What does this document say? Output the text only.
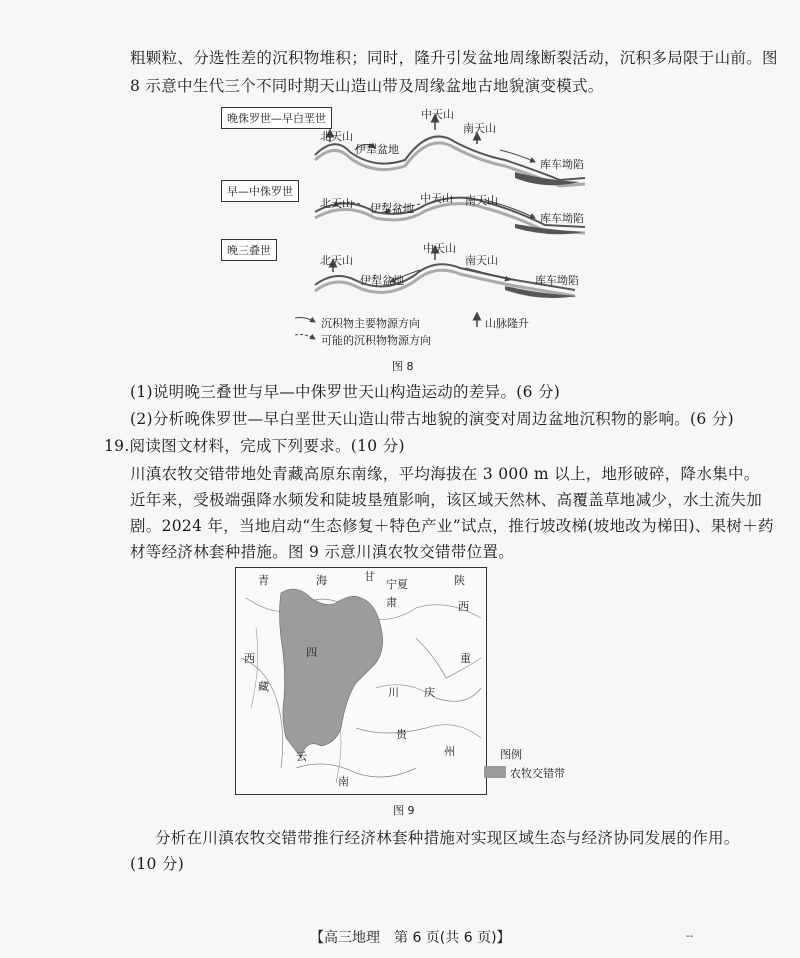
粗颗粒、分选性差的沉积物堆积；同时，隆升引发盆地周缘断裂活动，沉积多局限于山前。图
8 示意中生代三个不同时期天山造山带及周缘盆地古地貌演变模式。
晚侏罗世—早白垩世
早—中侏罗世
晚三叠世
北天山
伊犁盆地
中天山
南天山
库车坳陷
北天山 伊犁盆地
中天山 南天山
库车坳陷
北天山
伊犁盆地
中天山
南天山
库车坳陷
沉积物主要物源方向
可能的沉积物物源方向
山脉隆升
图 8
(1)说明晚三叠世与早—中侏罗世天山构造运动的差异。(6 分)
(2)分析晚侏罗世—早白垩世天山造山带古地貌的演变对周边盆地沉积物的影响。(6 分)
19.阅读图文材料，完成下列要求。(10 分)
川滇农牧交错带地处青藏高原东南缘，平均海拔在 3 000 m 以上，地形破碎，降水集中。
近年来，受极端强降水频发和陡坡垦殖影响，该区域天然林、高覆盖草地减少，水土流失加
剧。2024 年，当地启动“生态修复＋特色产业”试点，推行坡改梯(坡地改为梯田)、果树＋药
材等经济林套种措施。图 9 示意川滇农牧交错带位置。
青	海	甘
宁夏	陕
肃	西
西
藏
四
川
重
庆
贵
州
云
南
图例
农牧交错带
图 9
分析在川滇农牧交错带推行经济林套种措施对实现区域生态与经济协同发展的作用。
(10 分)
【高三地理　第 6 页(共 6 页)】	--
